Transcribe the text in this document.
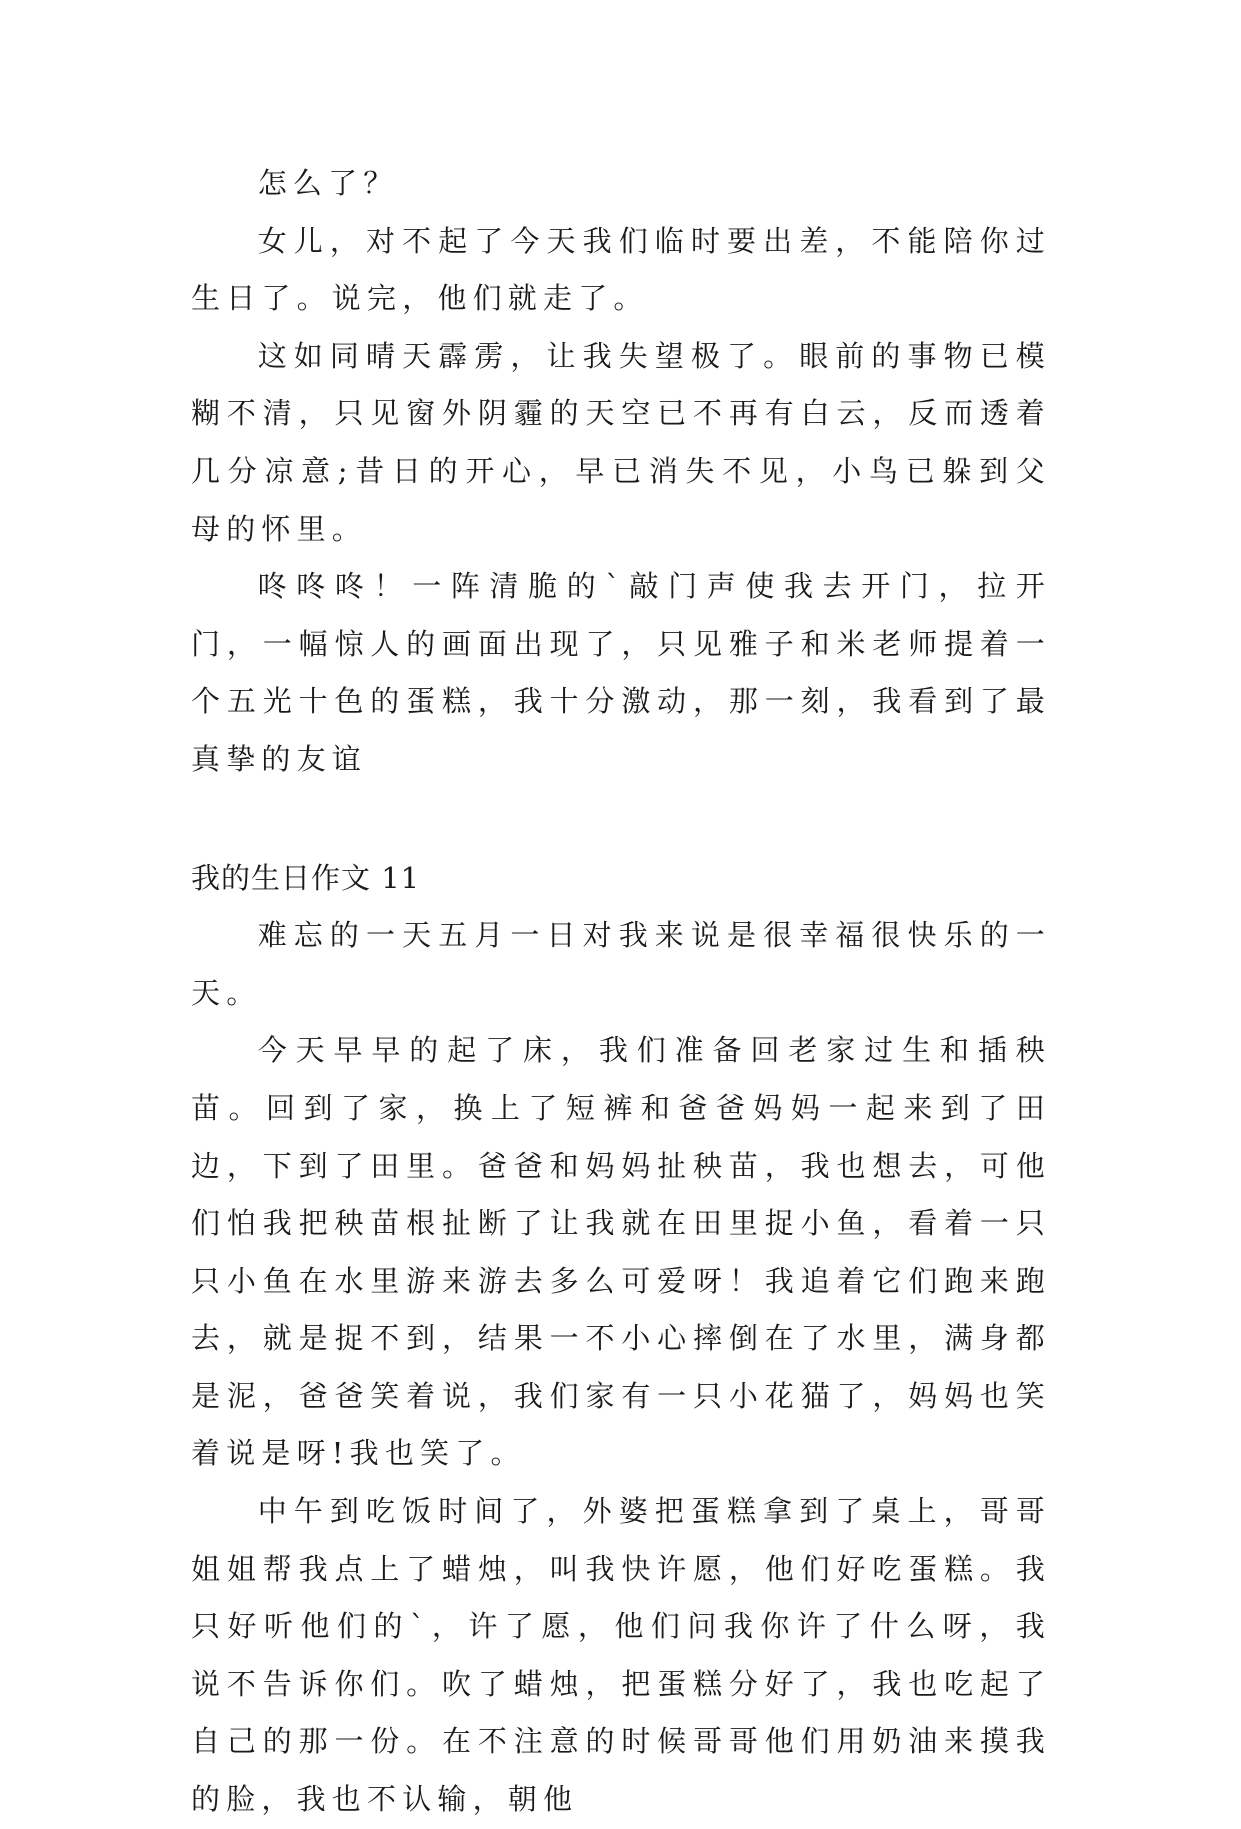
怎么了？

女儿，对不起了今天我们临时要出差，不能陪你过生日了。说完，他们就走了。

这如同晴天霹雳，让我失望极了。眼前的事物已模糊不清，只见窗外阴霾的天空已不再有白云，反而透着几分凉意;昔日的开心，早已消失不见，小鸟已躲到父母的怀里。

咚咚咚！一阵清脆的`敲门声使我去开门，拉开门，一幅惊人的画面出现了，只见雅子和米老师提着一个五光十色的蛋糕，我十分激动，那一刻，我看到了最真挚的友谊

我的生日作文 11

难忘的一天五月一日对我来说是很幸福很快乐的一天。

今天早早的起了床，我们准备回老家过生和插秧苗。回到了家，换上了短裤和爸爸妈妈一起来到了田边，下到了田里。爸爸和妈妈扯秧苗，我也想去，可他们怕我把秧苗根扯断了让我就在田里捉小鱼，看着一只只小鱼在水里游来游去多么可爱呀！我追着它们跑来跑去，就是捉不到，结果一不小心摔倒在了水里，满身都是泥，爸爸笑着说，我们家有一只小花猫了，妈妈也笑着说是呀!我也笑了。

中午到吃饭时间了，外婆把蛋糕拿到了桌上，哥哥姐姐帮我点上了蜡烛，叫我快许愿，他们好吃蛋糕。我只好听他们的`，许了愿，他们问我你许了什么呀，我说不告诉你们。吹了蜡烛，把蛋糕分好了，我也吃起了自己的那一份。在不注意的时候哥哥他们用奶油来摸我的脸，我也不认输，朝他
